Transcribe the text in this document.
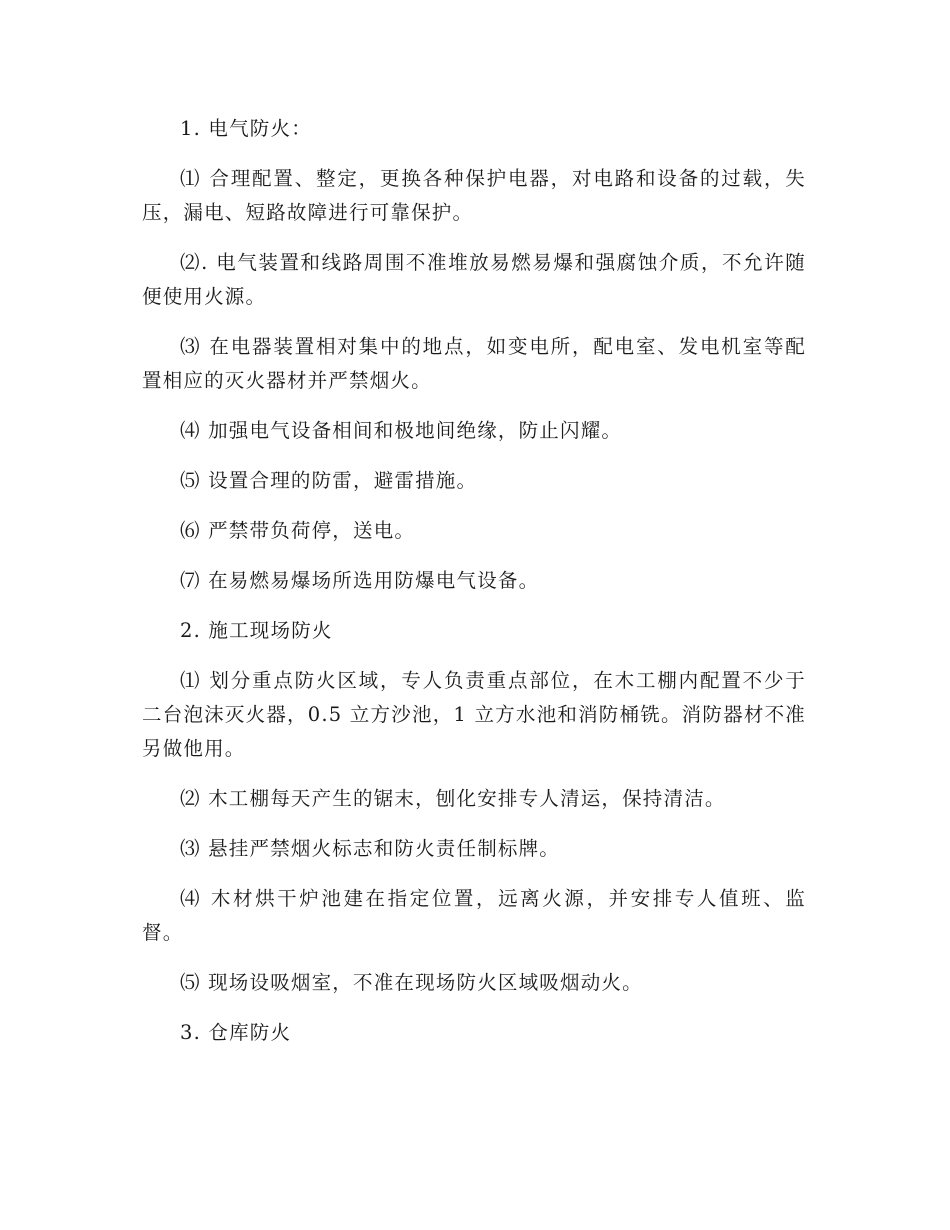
1. 电气防火：

⑴ 合理配置、整定，更换各种保护电器，对电路和设备的过载，失压，漏电、短路故障进行可靠保护。

⑵. 电气装置和线路周围不准堆放易燃易爆和强腐蚀介质，不允许随便使用火源。

⑶ 在电器装置相对集中的地点，如变电所，配电室、发电机室等配置相应的灭火器材并严禁烟火。

⑷ 加强电气设备相间和极地间绝缘，防止闪耀。

⑸ 设置合理的防雷，避雷措施。

⑹ 严禁带负荷停，送电。

⑺ 在易燃易爆场所选用防爆电气设备。

2. 施工现场防火

⑴ 划分重点防火区域，专人负责重点部位，在木工棚内配置不少于二台泡沫灭火器，0.5 立方沙池，1 立方水池和消防桶铣。消防器材不准另做他用。

⑵ 木工棚每天产生的锯末，刨化安排专人清运，保持清洁。

⑶ 悬挂严禁烟火标志和防火责任制标牌。

⑷ 木材烘干炉池建在指定位置，远离火源，并安排专人值班、监督。

⑸ 现场设吸烟室，不准在现场防火区域吸烟动火。

3. 仓库防火
